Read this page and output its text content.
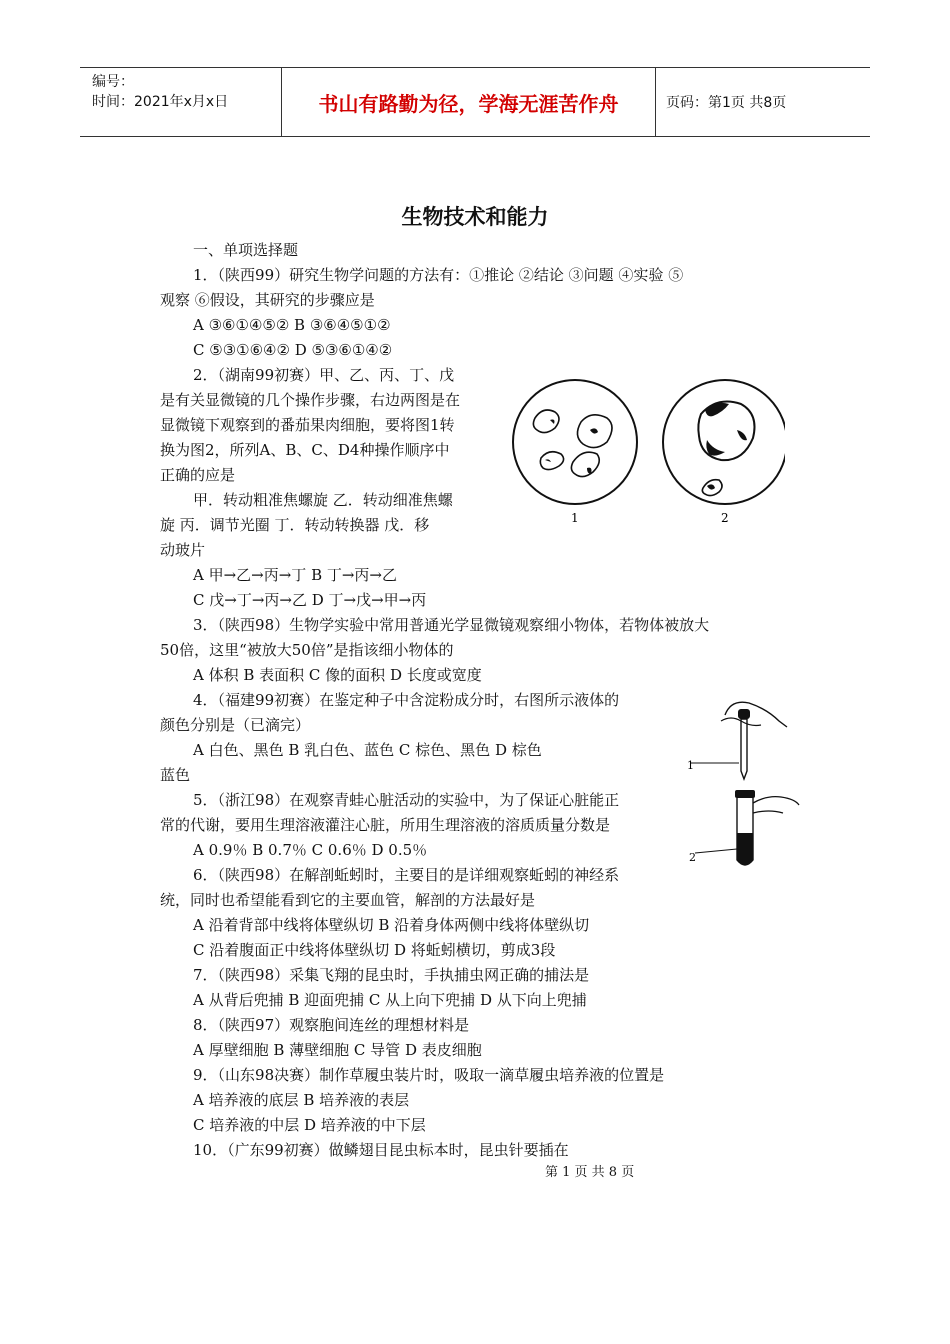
编号：
时间：2021年x月x日	书山有路勤为径，学海无涯苦作舟	页码：第1页 共8页
生物技术和能力
一、单项选择题
1．（陕西99）研究生物学问题的方法有：①推论 ②结论 ③问题 ④实验 ⑤
观察 ⑥假设，其研究的步骤应是
A ③⑥①④⑤② B ③⑥④⑤①②
C ⑤③①⑥④② D ⑤③⑥①④②
2．（湖南99初赛）甲、乙、丙、丁、戊
是有关显微镜的几个操作步骤，右边两图是在
显微镜下观察到的番茄果肉细胞，要将图1转
换为图2，所列A、B、C、D4种操作顺序中
正确的应是
甲．转动粗准焦螺旋 乙．转动细准焦螺
旋 丙．调节光圈 丁．转动转换器 戊．移
动玻片
A 甲→乙→丙→丁 B 丁→丙→乙
C 戊→丁→丙→乙 D 丁→戊→甲→丙
3．（陕西98）生物学实验中常用普通光学显微镜观察细小物体，若物体被放大
50倍，这里“被放大50倍”是指该细小物体的
A 体积 B 表面积 C 像的面积 D 长度或宽度
4．（福建99初赛）在鉴定种子中含淀粉成分时，右图所示液体的
颜色分别是（已滴完）
A 白色、黑色 B 乳白色、蓝色 C 棕色、黑色 D 棕色
蓝色
5．（浙江98）在观察青蛙心脏活动的实验中，为了保证心脏能正
常的代谢，要用生理溶液灌注心脏，所用生理溶液的溶质质量分数是
A 0.9％ B 0.7％ C 0.6％ D 0.5％
6．（陕西98）在解剖蚯蚓时，主要目的是详细观察蚯蚓的神经系
统，同时也希望能看到它的主要血管，解剖的方法最好是
A 沿着背部中线将体壁纵切 B 沿着身体两侧中线将体壁纵切
C 沿着腹面正中线将体壁纵切 D 将蚯蚓横切，剪成3段
7．（陕西98）采集飞翔的昆虫时，手执捕虫网正确的捕法是
A 从背后兜捕 B 迎面兜捕 C 从上向下兜捕 D 从下向上兜捕
8．（陕西97）观察胞间连丝的理想材料是
A 厚壁细胞 B 薄壁细胞 C 导管 D 表皮细胞
9．（山东98决赛）制作草履虫装片时，吸取一滴草履虫培养液的位置是
A 培养液的底层 B 培养液的表层
C 培养液的中层 D 培养液的中下层
10．（广东99初赛）做鳞翅目昆虫标本时，昆虫针要插在
1	2
1
2
第 1 页 共 8 页
